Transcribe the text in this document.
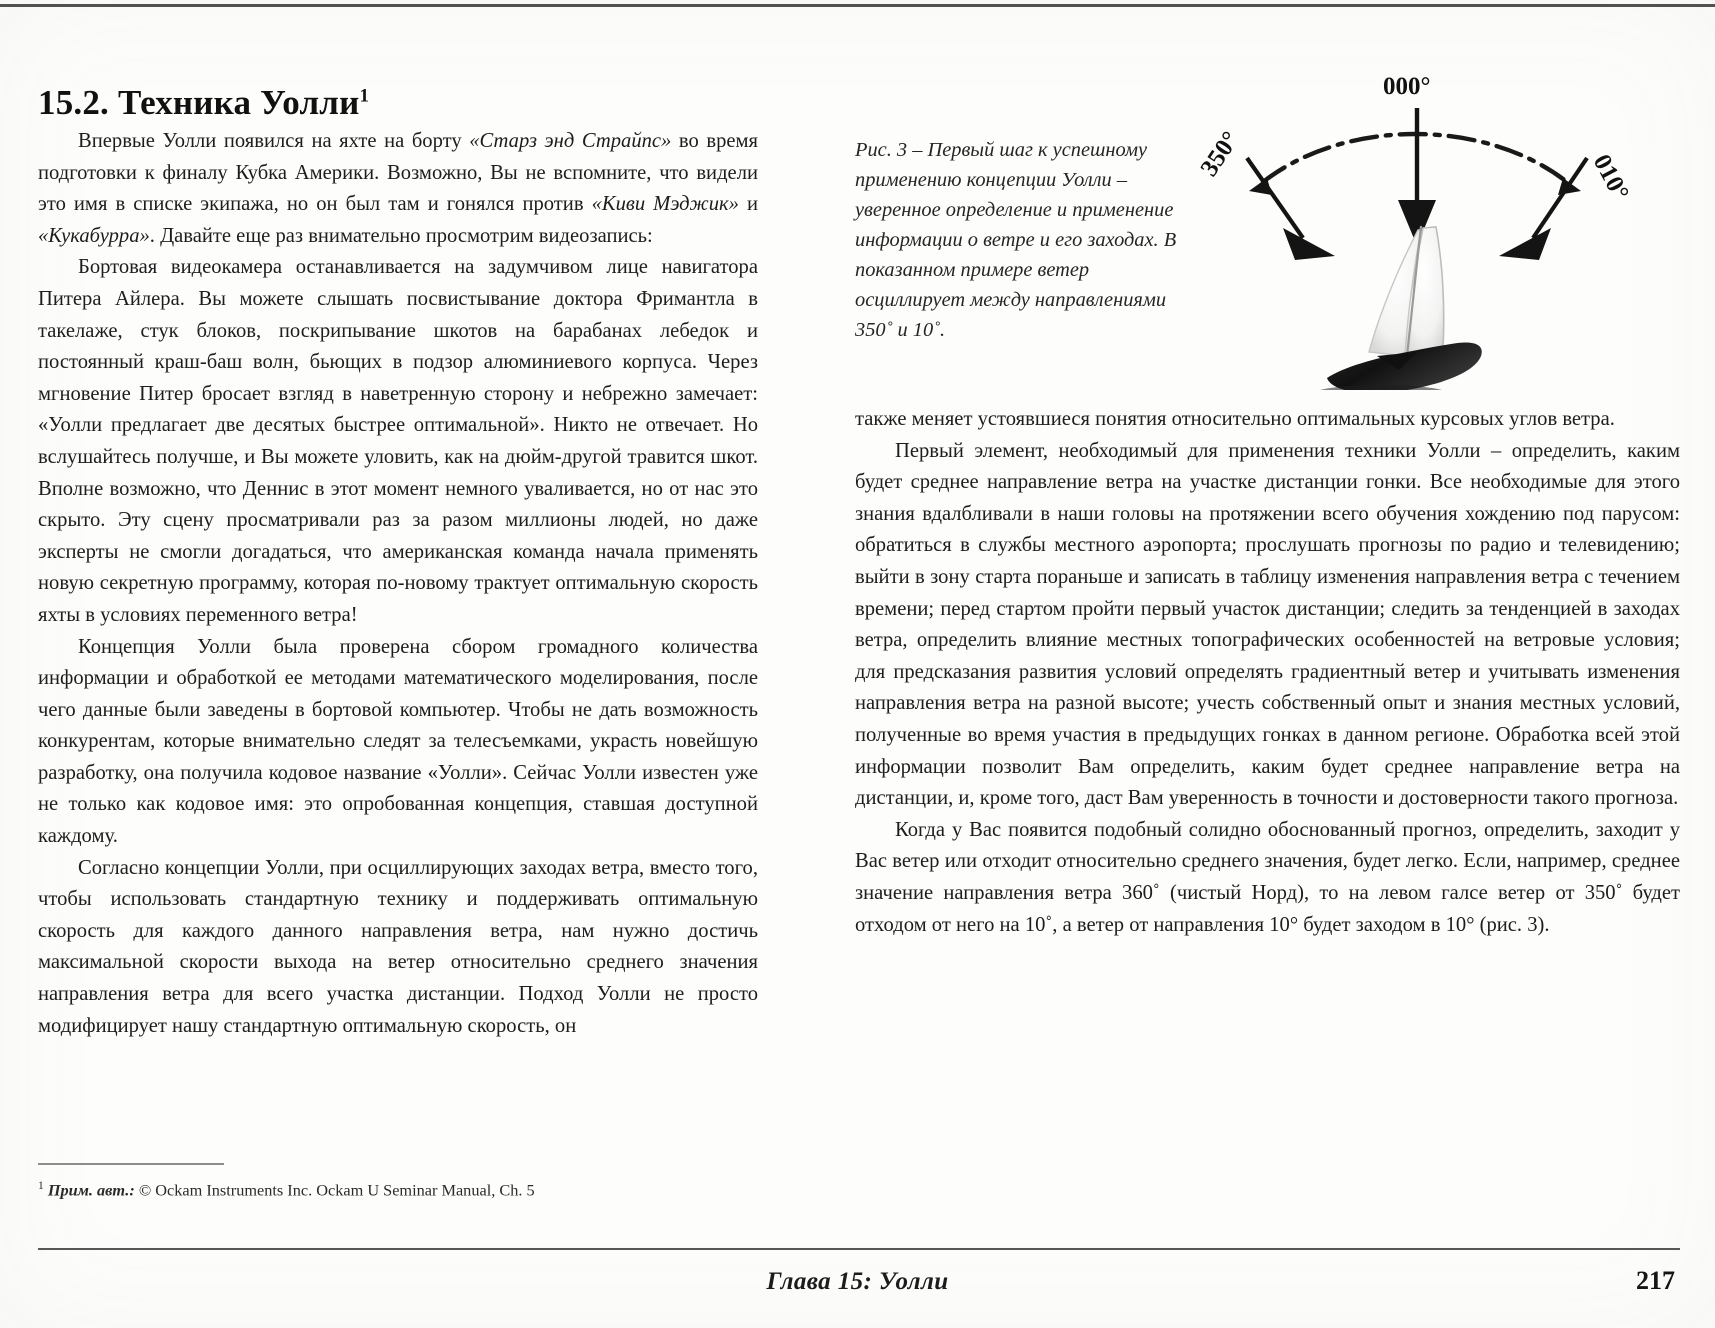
15.2. Техника Уолли$^1$

Впервые Уолли появился на яхте на борту «Старз энд Страйпс» во время подготовки к финалу Кубка Америки. Возможно, Вы не вспомните, что видели это имя в списке экипажа, но он был там и гонялся против «Киви Мэджик» и «Кукабурра». Давайте еще раз внимательно просмотрим видеозапись:

Бортовая видеокамера останавливается на задумчивом лице навигатора Питера Айлера. Вы можете слышать посвистывание доктора Фримантла в такелаже, стук блоков, поскрипывание шкотов на барабанах лебедок и постоянный краш-баш волн, бьющих в подзор алюминиевого корпуса. Через мгновение Питер бросает взгляд в наветренную сторону и небрежно замечает: «Уолли предлагает две десятых быстрее оптимальной». Никто не отвечает. Но вслушайтесь получше, и Вы можете уловить, как на дюйм-другой травится шкот. Вполне возможно, что Деннис в этот момент немного уваливается, но от нас это скрыто. Эту сцену просматривали раз за разом миллионы людей, но даже эксперты не смогли догадаться, что американская команда начала применять новую секретную программу, которая по-новому трактует оптимальную скорость яхты в условиях переменного ветра!

Концепция Уолли была проверена сбором громадного количества информации и обработкой ее методами математического моделирования, после чего данные были заведены в бортовой компьютер. Чтобы не дать возможность конкурентам, которые внимательно следят за телесъемками, украсть новейшую разработку, она получила кодовое название «Уолли». Сейчас Уолли известен уже не только как кодовое имя: это опробованная концепция, ставшая доступной каждому.

Согласно концепции Уолли, при осциллирующих заходах ветра, вместо того, чтобы использовать стандартную технику и поддерживать оптимальную скорость для каждого данного направления ветра, нам нужно достичь максимальной скорости выхода на ветер относительно среднего значения направления ветра для всего участка дистанции. Подход Уолли не просто модифицирует нашу стандартную оптимальную скорость, он

$^1$ Прим. авт.: © Ockam Instruments Inc. Ockam U Seminar Manual, Ch. 5
Рис. 3 – Первый шаг к успешному применению концепции Уолли – уверенное определение и применение информации о ветре и его заходах. В показанном примере ветер осциллирует между направлениями 350˚ и 10˚.
350°
000°
010°

также меняет устоявшиеся понятия относительно оптимальных курсовых углов ветра.

Первый элемент, необходимый для применения техники Уолли – определить, каким будет среднее направление ветра на участке дистанции гонки. Все необходимые для этого знания вдалбливали в наши головы на протяжении всего обучения хождению под парусом: обратиться в службы местного аэропорта; прослушать прогнозы по радио и телевидению; выйти в зону старта пораньше и записать в таблицу изменения направления ветра с течением времени; перед стартом пройти первый участок дистанции; следить за тенденцией в заходах ветра, определить влияние местных топографических особенностей на ветровые условия; для предсказания развития условий определять градиентный ветер и учитывать изменения направления ветра на разной высоте; учесть собственный опыт и знания местных условий, полученные во время участия в предыдущих гонках в данном регионе. Обработка всей этой информации позволит Вам определить, каким будет среднее направление ветра на дистанции, и, кроме того, даст Вам уверенность в точности и достоверности такого прогноза.

Когда у Вас появится подобный солидно обоснованный прогноз, определить, заходит у Вас ветер или отходит относительно среднего значения, будет легко. Если, например, среднее значение направления ветра 360˚ (чистый Норд), то на левом галсе ветер от 350˚ будет отходом от него на 10˚, а ветер от направления 10° будет заходом в 10° (рис. 3).

Глава 15: Уолли	217
